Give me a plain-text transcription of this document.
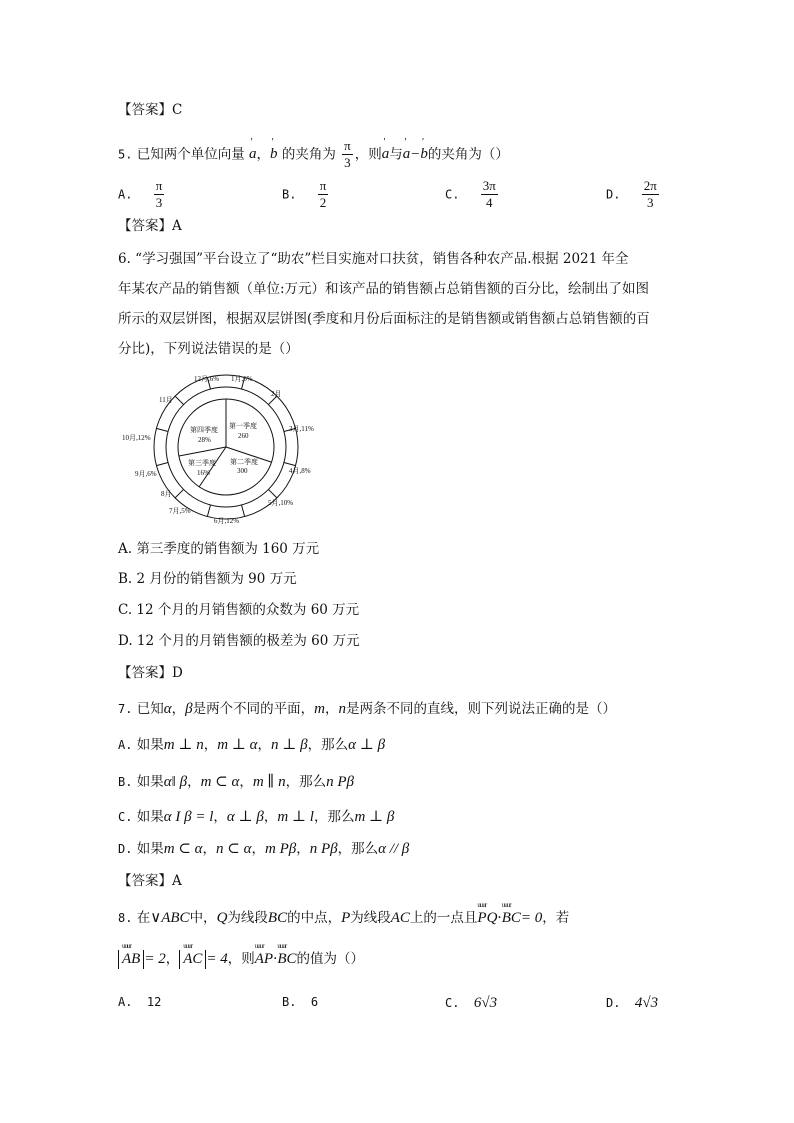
【答案】C
5. 已知两个单位向量 ' a，' b 的夹角为 $\frac{\pi}{3}$ ，则' a与' a−' b的夹角为（）
A. $\frac{\pi}{3}$	B. $\frac{\pi}{2}$	C. $\frac{3\pi}{4}$	D. $\frac{2\pi}{3}$
【答案】A
6. “学习强国”平台设立了“助农”栏目实施对口扶贫，销售各种农产品.根据 2021 年全
年某农产品的销售额（单位:万元）和该产品的销售额占总销售额的百分比，绘制出了如图
所示的双层饼图，根据双层饼图(季度和月份后面标注的是销售额或销售额占总销售额的百
分比)，下列说法错误的是（）
第一季度
260
第二季度
300
第三季度
16%
第四季度
28%
1月,6%
2月
3月,11%
4月,8%
5月,10%
6月,12%
7月,5%
8月
9月,6%
10月,12%
11月
12月,6%
A. 第三季度的销售额为 160 万元
B. 2 月份的销售额为 90 万元
C. 12 个月的月销售额的众数为 60 万元
D. 12 个月的月销售额的极差为 60 万元
【答案】D
7. 已知α，β是两个不同的平面，m，n是两条不同的直线，则下列说法正确的是（）
A. 如果m ⊥ n，m ⊥ α，n ⊥ β，那么α ⊥ β
B. 如果α‖ β，m ⊂ α，m ∥ n，那么n Pβ
C. 如果α I β = l，α ⊥ β，m ⊥ l，那么m ⊥ β
D. 如果m ⊂ α，n ⊂ α，m Pβ，n Pβ，那么α // β
【答案】A
8. 在∨ABC中，Q为线段BC的中点，P为线段AC上的一点且uuur PQ·uuur BC= 0，若
uuur AB = 2， uuur AC = 4，则uuur AP·uuur BC的值为（）
A. 12	B. 6	C. 6√3	D. 4√3
